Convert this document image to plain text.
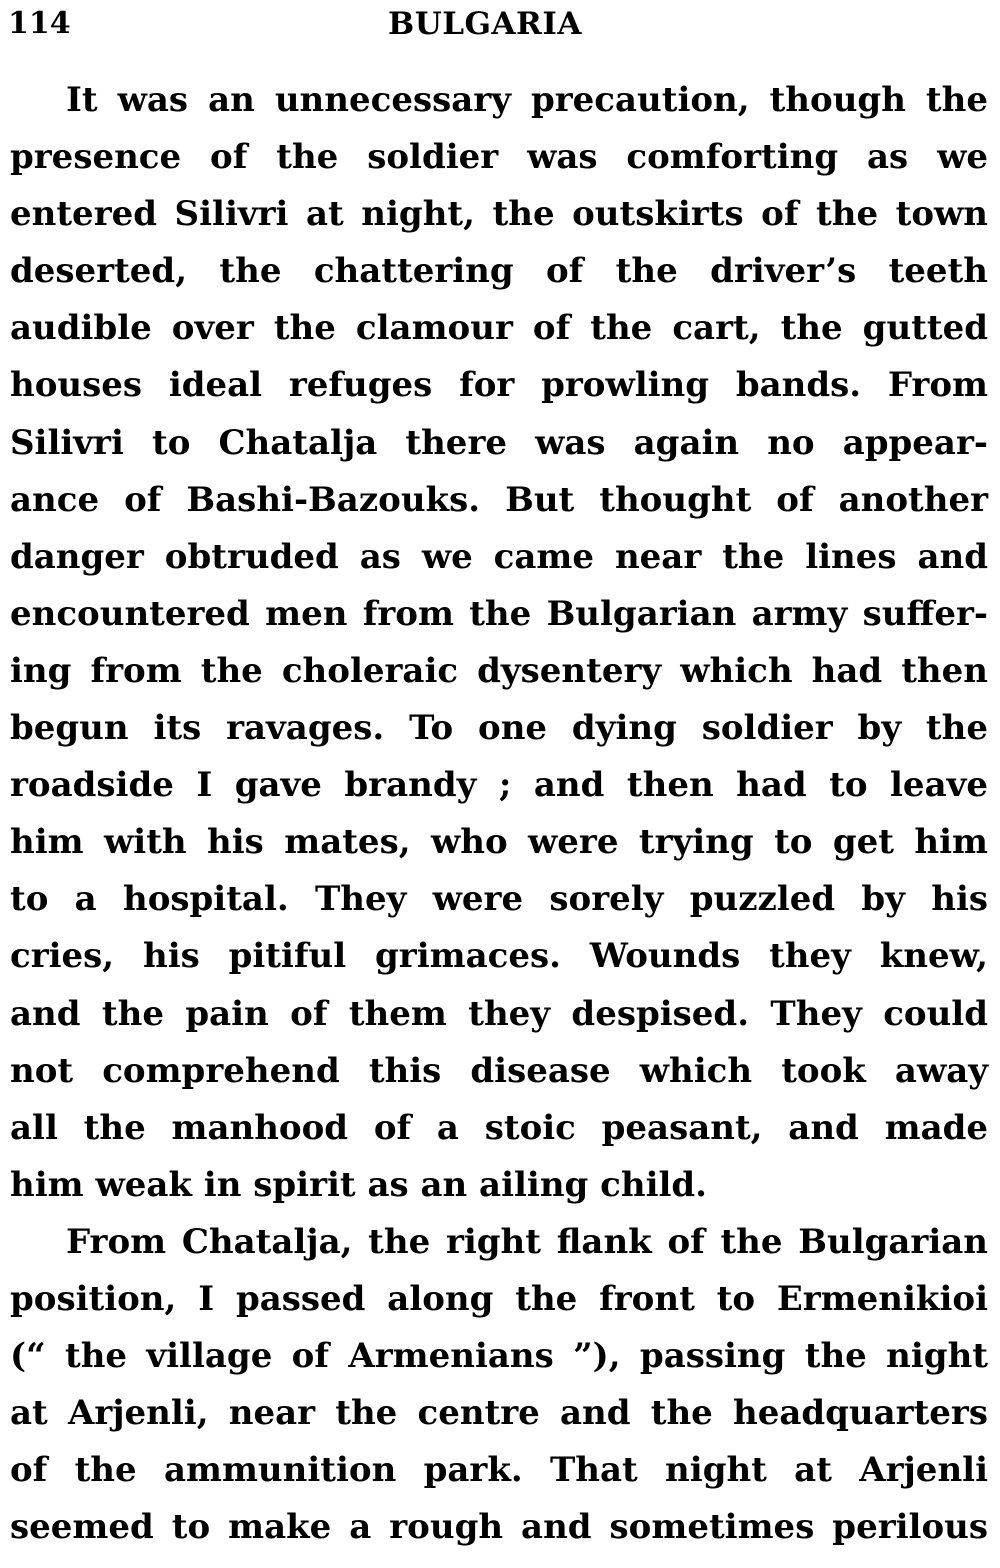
114	BULGARIA
It was an unnecessary precaution, though the
presence of the soldier was comforting as we
entered Silivri at night, the outskirts of the town
deserted, the chattering of the driver’s teeth
audible over the clamour of the cart, the gutted
houses ideal refuges for prowling bands. From
Silivri to Chatalja there was again no appear-
ance of Bashi-Bazouks. But thought of another
danger obtruded as we came near the lines and
encountered men from the Bulgarian army suffer-
ing from the choleraic dysentery which had then
begun its ravages. To one dying soldier by the
roadside I gave brandy ; and then had to leave
him with his mates, who were trying to get him
to a hospital. They were sorely puzzled by his
cries, his pitiful grimaces. Wounds they knew,
and the pain of them they despised. They could
not comprehend this disease which took away
all the manhood of a stoic peasant, and made
him weak in spirit as an ailing child.
From Chatalja, the right flank of the Bulgarian
position, I passed along the front to Ermenikioi
(“ the village of Armenians ”), passing the night
at Arjenli, near the centre and the headquarters
of the ammunition park. That night at Arjenli
seemed to make a rough and sometimes perilous
